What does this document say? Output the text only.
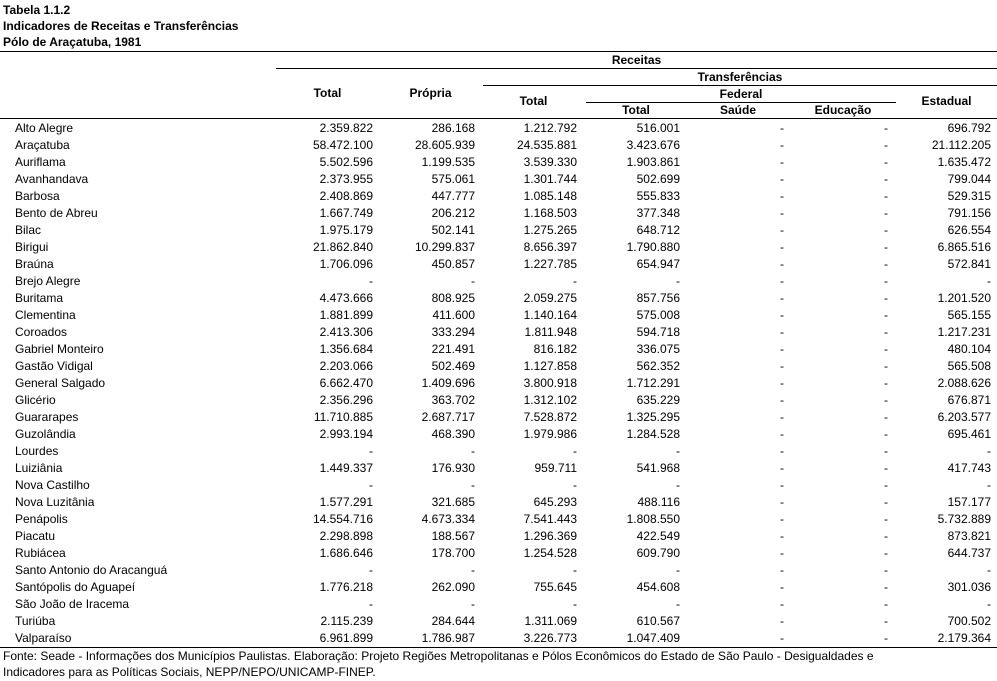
Tabela 1.1.2
Indicadores de Receitas e Transferências
Pólo de Araçatuba, 1981
Receitas
Total	Própria
Transferências
Total	Federal
Total	Saúde	Educação
Estadual
Alto Alegre	2.359.822	286.168	1.212.792	516.001	-	-	696.792
Araçatuba	58.472.100	28.605.939	24.535.881	3.423.676	-	-	21.112.205
Auriflama	5.502.596	1.199.535	3.539.330	1.903.861	-	-	1.635.472
Avanhandava	2.373.955	575.061	1.301.744	502.699	-	-	799.044
Barbosa	2.408.869	447.777	1.085.148	555.833	-	-	529.315
Bento de Abreu	1.667.749	206.212	1.168.503	377.348	-	-	791.156
Bilac	1.975.179	502.141	1.275.265	648.712	-	-	626.554
Birigui	21.862.840	10.299.837	8.656.397	1.790.880	-	-	6.865.516
Braúna	1.706.096	450.857	1.227.785	654.947	-	-	572.841
Brejo Alegre	-	-	-	-	-	-	-
Buritama	4.473.666	808.925	2.059.275	857.756	-	-	1.201.520
Clementina	1.881.899	411.600	1.140.164	575.008	-	-	565.155
Coroados	2.413.306	333.294	1.811.948	594.718	-	-	1.217.231
Gabriel Monteiro	1.356.684	221.491	816.182	336.075	-	-	480.104
Gastão Vidigal	2.203.066	502.469	1.127.858	562.352	-	-	565.508
General Salgado	6.662.470	1.409.696	3.800.918	1.712.291	-	-	2.088.626
Glicério	2.356.296	363.702	1.312.102	635.229	-	-	676.871
Guararapes	11.710.885	2.687.717	7.528.872	1.325.295	-	-	6.203.577
Guzolândia	2.993.194	468.390	1.979.986	1.284.528	-	-	695.461
Lourdes	-	-	-	-	-	-	-
Luiziânia	1.449.337	176.930	959.711	541.968	-	-	417.743
Nova Castilho	-	-	-	-	-	-	-
Nova Luzitânia	1.577.291	321.685	645.293	488.116	-	-	157.177
Penápolis	14.554.716	4.673.334	7.541.443	1.808.550	-	-	5.732.889
Piacatu	2.298.898	188.567	1.296.369	422.549	-	-	873.821
Rubiácea	1.686.646	178.700	1.254.528	609.790	-	-	644.737
Santo Antonio do Aracanguá	-	-	-	-	-	-	-
Santópolis do Aguapeí	1.776.218	262.090	755.645	454.608	-	-	301.036
São João de Iracema	-	-	-	-	-	-	-
Turiúba	2.115.239	284.644	1.311.069	610.567	-	-	700.502
Valparaíso	6.961.899	1.786.987	3.226.773	1.047.409	-	-	2.179.364
Fonte: Seade - Informações dos Municípios Paulistas. Elaboração: Projeto Regiões Metropolitanas e Pólos Econômicos do Estado de São Paulo - Desigualdades e
Indicadores para as Políticas Sociais, NEPP/NEPO/UNICAMP-FINEP.
